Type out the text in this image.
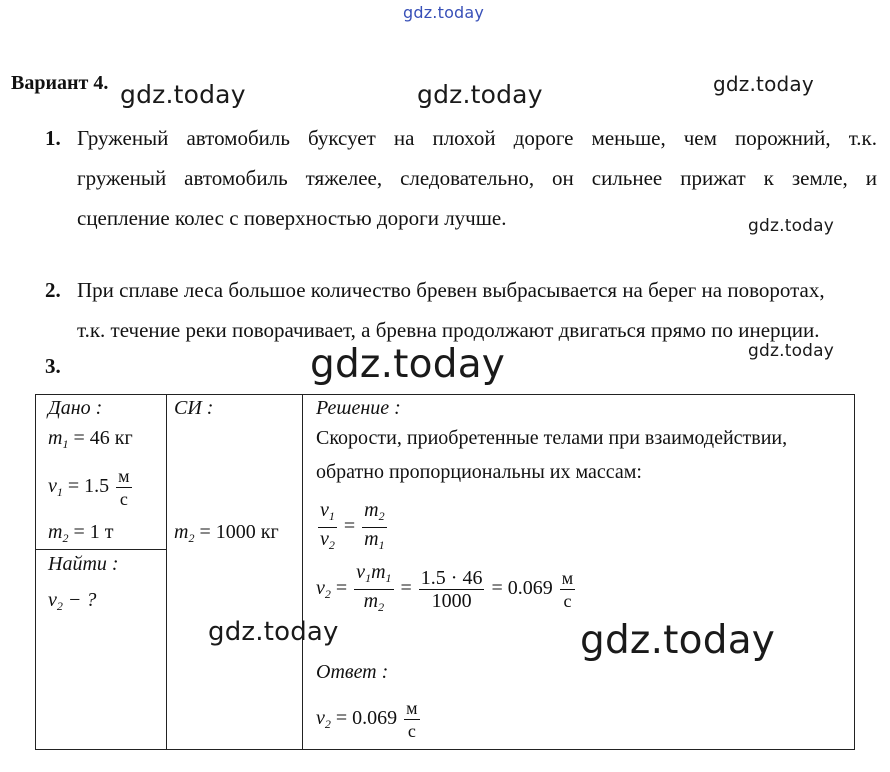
gdz.today
gdz.today	gdz.today	gdz.today
gdz.today
gdz.today
Вариант 4.
1. Груженый автомобиль буксует на плохой дороге меньше, чем порожний, т.к.
груженый автомобиль тяжелее, следовательно, он сильнее прижат к земле, и
сцепление колес с поверхностью дороги лучше.
2. При сплаве леса большое количество бревен выбрасывается на берег на поворотах,
т.к. течение реки поворачивает, а бревна продолжают двигаться прямо по инерции.
3.
Дано :
$m_1 = 46$ кг
$v_1 = 1.5 \frac{м}{с}$
$m_2 = 1$ т
Найти :
$v_2$ − ?
СИ :
$m_2 = 1000$ кг
Решение :
Скорости, приобретенные телами при взаимодействии,
обратно пропорциональны их массам:
$\frac{v_1}{v_2} = \frac{m_2}{m_1}$
$v_2 = \frac{v_1m_1}{m_2} = \frac{1.5 \cdot 46}{1000} = 0.069 \frac{м}{с}$
Ответ :
$v_2 = 0.069 \frac{м}{с}$
gdz.today
gdz.today	gdz.today
